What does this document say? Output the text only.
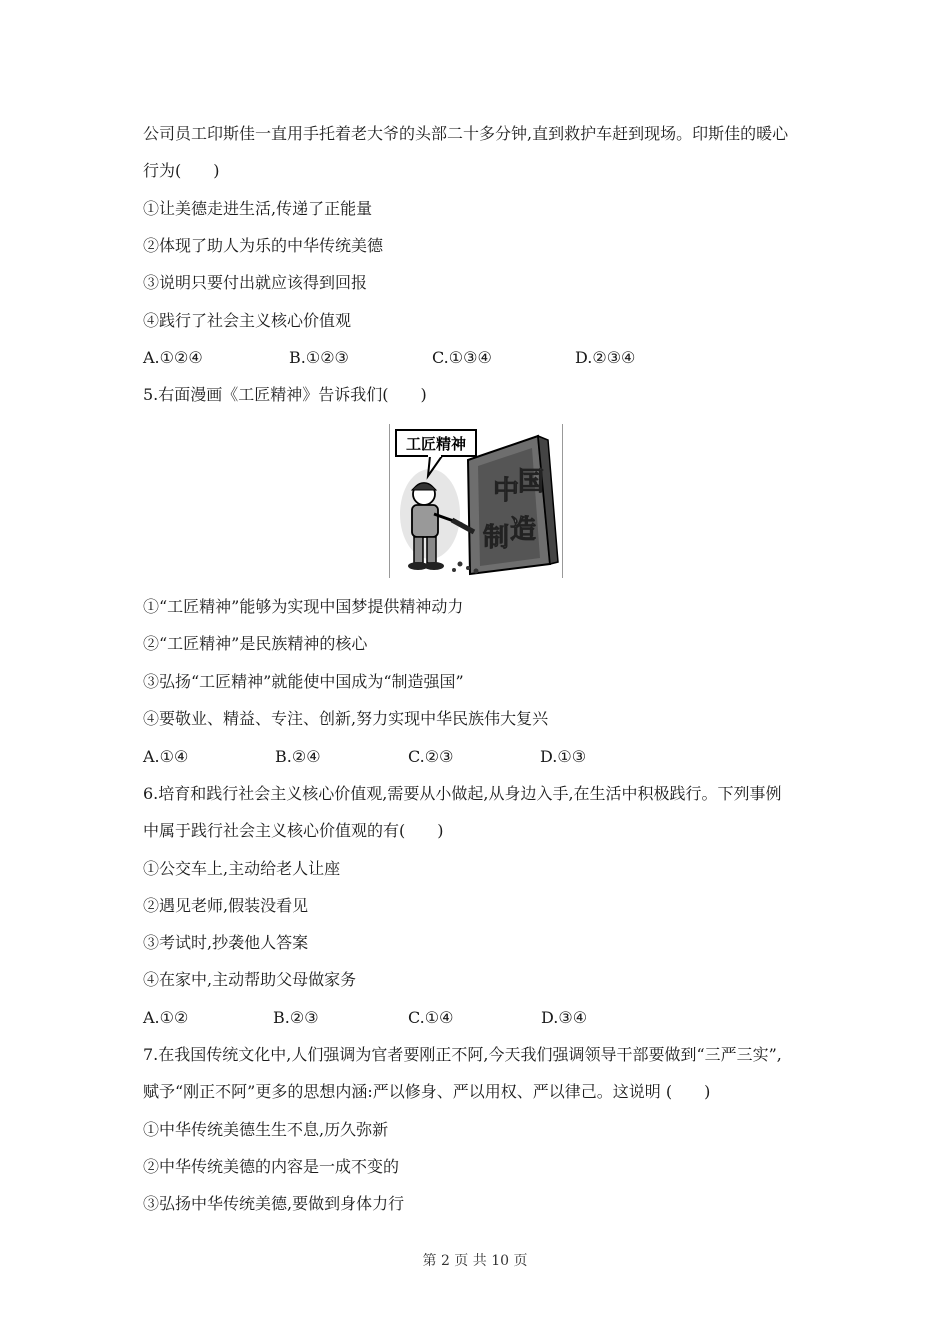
公司员工印斯佳一直用手托着老大爷的头部二十多分钟,直到救护车赶到现场。印斯佳的暖心
行为(　　)
①让美德走进生活,传递了正能量
②体现了助人为乐的中华传统美德
③说明只要付出就应该得到回报
④践行了社会主义核心价值观
A.①②④	B.①②③	C.①③④	D.②③④
5.右面漫画《工匠精神》告诉我们(　　)
工匠精神
中
国
制 造
①“工匠精神”能够为实现中国梦提供精神动力
②“工匠精神”是民族精神的核心
③弘扬“工匠精神”就能使中国成为“制造强国”
④要敬业、精益、专注、创新,努力实现中华民族伟大复兴
A.①④	B.②④	C.②③	D.①③
6.培育和践行社会主义核心价值观,需要从小做起,从身边入手,在生活中积极践行。下列事例
中属于践行社会主义核心价值观的有(　　)
①公交车上,主动给老人让座
②遇见老师,假装没看见
③考试时,抄袭他人答案
④在家中,主动帮助父母做家务
A.①②	B.②③	C.①④	D.③④
7.在我国传统文化中,人们强调为官者要刚正不阿,今天我们强调领导干部要做到“三严三实”,
赋予“刚正不阿”更多的思想内涵:严以修身、严以用权、严以律己。这说明 (　　)
①中华传统美德生生不息,历久弥新
②中华传统美德的内容是一成不变的
③弘扬中华传统美德,要做到身体力行
第 2 页 共 10 页
